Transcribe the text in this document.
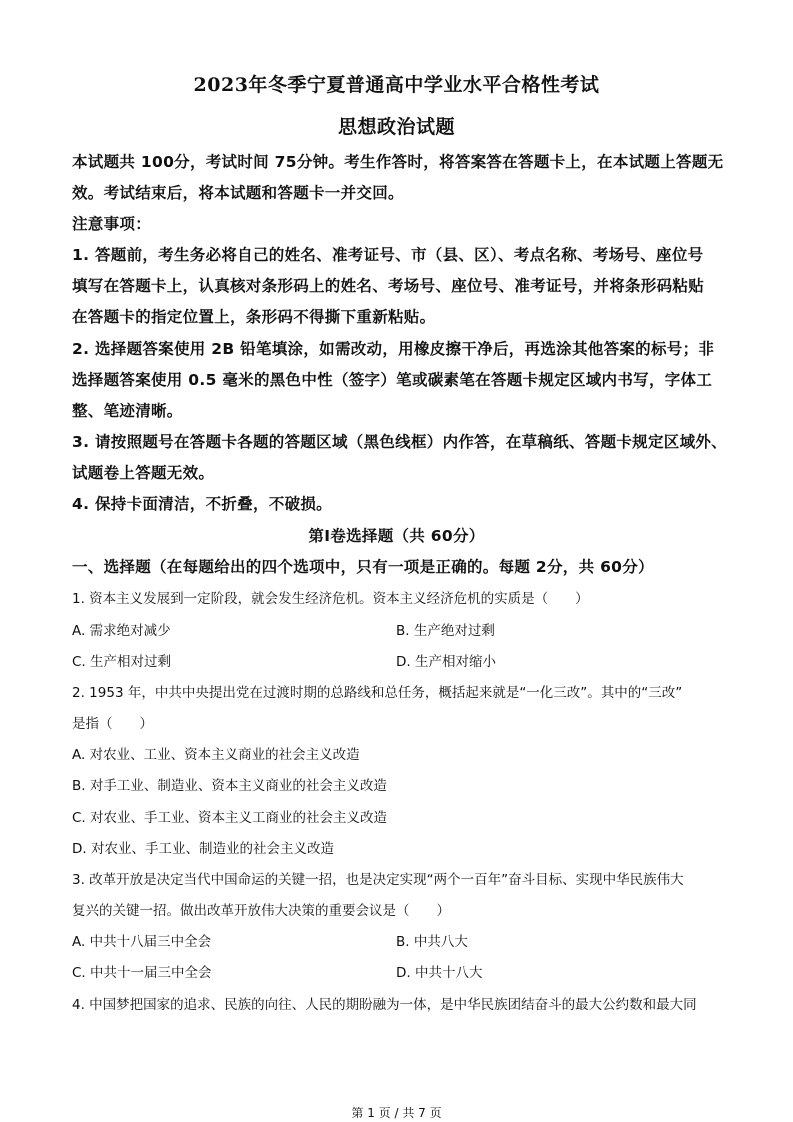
2023年冬季宁夏普通高中学业水平合格性考试
思想政治试题
本试题共 100分，考试时间 75分钟。考生作答时，将答案答在答题卡上，在本试题上答题无
效。考试结束后，将本试题和答题卡一并交回。
注意事项：
1. 答题前，考生务必将自己的姓名、准考证号、市（县、区）、考点名称、考场号、座位号
填写在答题卡上，认真核对条形码上的姓名、考场号、座位号、准考证号，并将条形码粘贴
在答题卡的指定位置上，条形码不得撕下重新粘贴。
2. 选择题答案使用 2B 铅笔填涂，如需改动，用橡皮擦干净后，再选涂其他答案的标号；非
选择题答案使用 0.5 毫米的黑色中性（签字）笔或碳素笔在答题卡规定区域内书写，字体工
整、笔迹清晰。
3. 请按照题号在答题卡各题的答题区域（黑色线框）内作答，在草稿纸、答题卡规定区域外、
试题卷上答题无效。
4. 保持卡面清洁，不折叠，不破损。
第Ⅰ卷选择题（共 60分）
一、选择题（在每题给出的四个选项中，只有一项是正确的。每题 2分，共 60分）
1. 资本主义发展到一定阶段，就会发生经济危机。资本主义经济危机的实质是（　　）
A. 需求绝对减少	B. 生产绝对过剩
C. 生产相对过剩	D. 生产相对缩小
2. 1953 年，中共中央提出党在过渡时期的总路线和总任务，概括起来就是“一化三改”。其中的“三改”
是指（　　）
A. 对农业、工业、资本主义商业的社会主义改造
B. 对手工业、制造业、资本主义商业的社会主义改造
C. 对农业、手工业、资本主义工商业的社会主义改造
D. 对农业、手工业、制造业的社会主义改造
3. 改革开放是决定当代中国命运的关键一招，也是决定实现“两个一百年”奋斗目标、实现中华民族伟大
复兴的关键一招。做出改革开放伟大决策的重要会议是（　　）
A. 中共十八届三中全会	B. 中共八大
C. 中共十一届三中全会	D. 中共十八大
4. 中国梦把国家的追求、民族的向往、人民的期盼融为一体，是中华民族团结奋斗的最大公约数和最大同
第 1 页 / 共 7 页
